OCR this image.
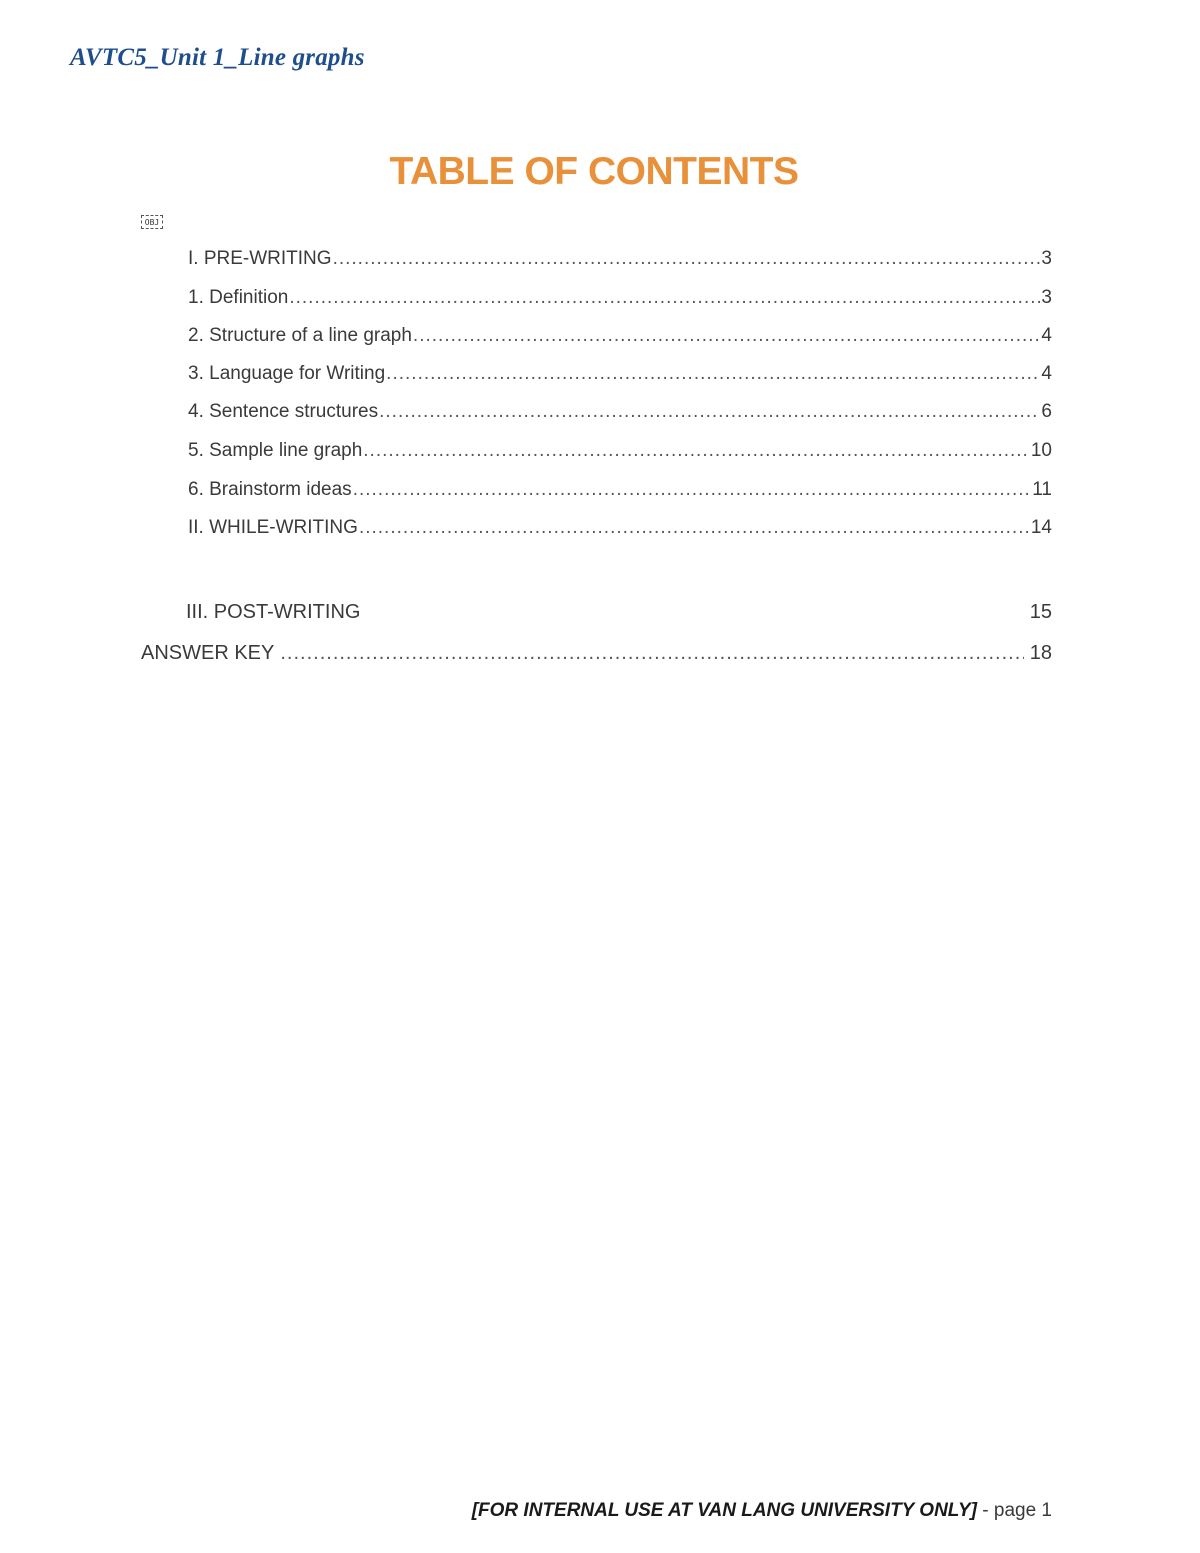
AVTC5_Unit 1_Line graphs
TABLE OF CONTENTS
OBJ
I. PRE-WRITING .....	3
1. Definition .....	3
2. Structure of a line graph .....	4
3. Language for Writing .....	4
4. Sentence structures .....	6
5. Sample line graph .....	10
6. Brainstorm ideas .....	11
II. WHILE-WRITING .....	14
III. POST-WRITING	15
ANSWER KEY .....	18
[FOR INTERNAL USE AT VAN LANG UNIVERSITY ONLY] - page 1
